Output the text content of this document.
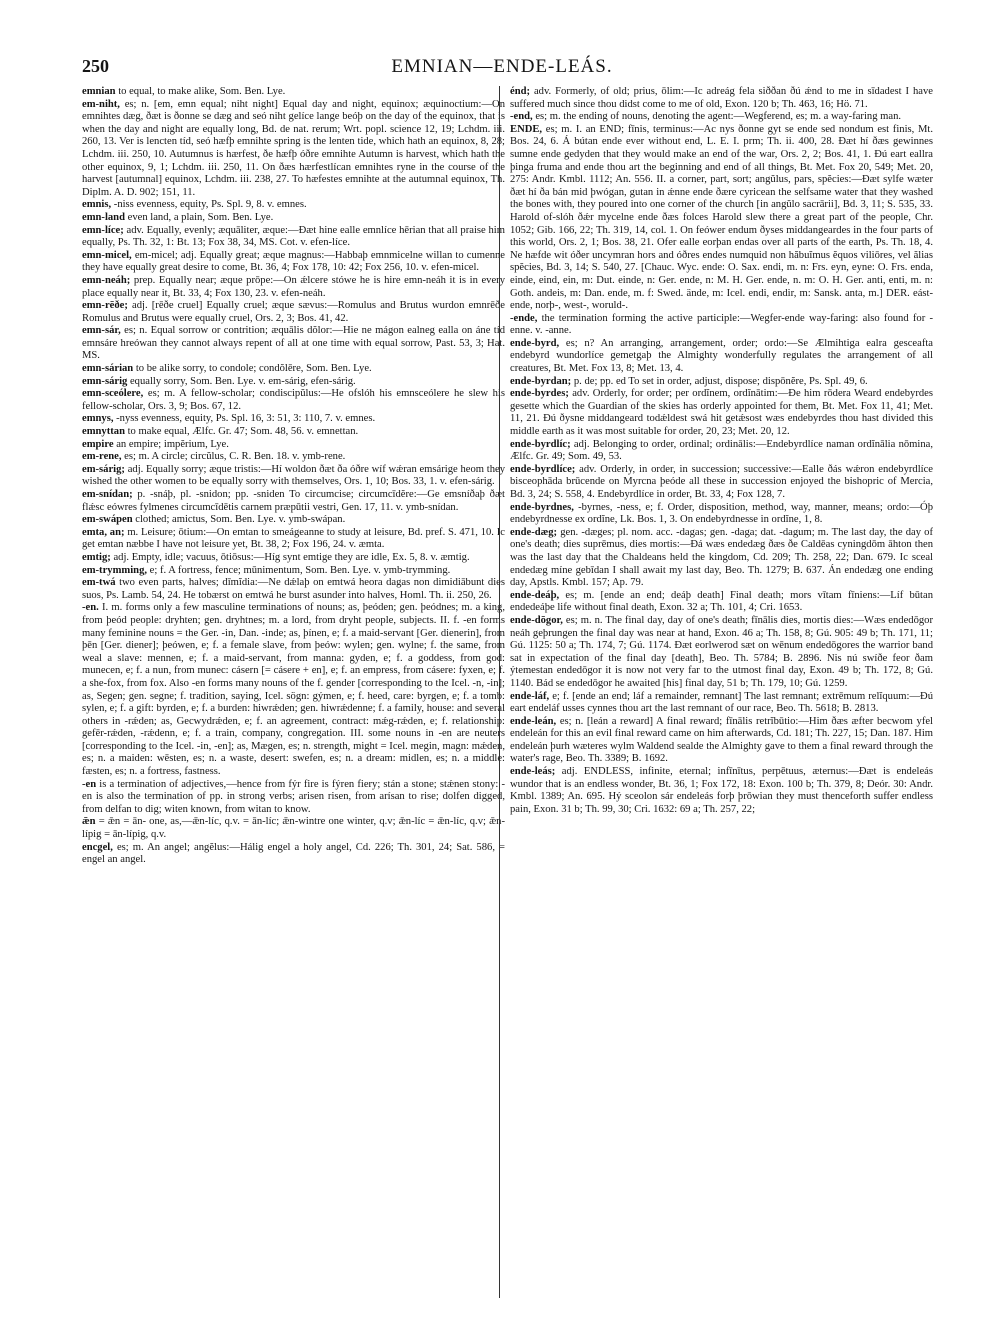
250	EMNIAN—ENDE-LEÁS.

emnian to equal, to make alike, Som. Ben. Lye.

em-niht, es; n. [em, emn equal; niht night] Equal day and night, equinox; æquinoctium:—On emnihtes dæg, ðæt is ðonne se dæg and seó niht gelíce lange beóþ on the day of the equinox, that is when the day and night are equally long, Bd. de nat. rerum; Wrt. popl. science 12, 19; Lchdm. iii. 260, 13. Ver is lencten tíd, seó hæfþ emnihte spring is the lenten tide, which hath an equinox, 8, 28; Lchdm. iii. 250, 10. Autumnus is hærfest, ðe hæfþ óðre emnihte Autumn is harvest, which hath the other equinox, 9, 1; Lchdm. iii. 250, 11. On ðæs hærfestlícan emnihtes ryne in the course of the harvest [autumnal] equinox, Lchdm. iii. 238, 27. To hæfestes emnihte at the autumnal equinox, Th. Diplm. A. D. 902; 151, 11.

emnis, -niss evenness, equity, Ps. Spl. 9, 8. v. emnes.

emn-land even land, a plain, Som. Ben. Lye.

emn-líce; adv. Equally, evenly; æquāliter, æque:—Ðæt hine ealle emnlíce hērian that all praise him equally, Ps. Th. 32, 1: Bt. 13; Fox 38, 34, MS. Cot. v. efen-líce.

emn-micel, em-micel; adj. Equally great; æque magnus:—Habbaþ emnmicelne willan to cumenne they have equally great desire to come, Bt. 36, 4; Fox 178, 10: 42; Fox 256, 10. v. efen-micel.

emn-neáh; prep. Equally near; æque prōpe:—On ǽlcere stówe he is hire emn-neáh it is in every place equally near it, Bt. 33, 4; Fox 130, 23. v. efen-neáh.

emn-rēðe; adj. [rēðe cruel] Equally cruel; æque sævus:—Romulus and Brutus wurdon emnrēðe Romulus and Brutus were equally cruel, Ors. 2, 3; Bos. 41, 42.

emn-sár, es; n. Equal sorrow or contrition; æquālis dŏlor:—Hie ne mágon ealneg ealla on áne tíd emnsáre hreówan they cannot always repent of all at one time with equal sorrow, Past. 53, 3; Hat. MS.

emn-sárian to be alike sorry, to condole; condŏlēre, Som. Ben. Lye.

emn-sárig equally sorry, Som. Ben. Lye. v. em-sárig, efen-sárig.

emn-sceólere, es; m. A fellow-scholar; condiscipŭlus:—He ofslóh his emnsceólere he slew his fellow-scholar, Ors. 3, 9; Bos. 67, 12.

emnys, -nyss evenness, equity, Ps. Spl. 16, 3: 51, 3: 110, 7. v. emnes.

emnyttan to make equal, Ælfc. Gr. 47; Som. 48, 56. v. emnettan.

empire an empire; impĕrium, Lye.

em-rene, es; m. A circle; circŭlus, C. R. Ben. 18. v. ymb-rene.

em-sárig; adj. Equally sorry; æque tristis:—Hí woldon ðæt ða óðre wíf wǽran emsárige heom they wished the other women to be equally sorry with themselves, Ors. 1, 10; Bos. 33, 1. v. efen-sárig.

em-snídan; p. -snáþ, pl. -snidon; pp. -sniden To circumcise; circumcīdĕre:—Ge emsníðaþ ðæt flǽsc eówres fylmenes circumcīdētis carnem præpūtii vestri, Gen. 17, 11. v. ymb-snídan.

em-swápen clothed; amictus, Som. Ben. Lye. v. ymb-swápan.

emta, an; m. Leisure; ōtium:—On emtan to smeágeanne to study at leisure, Bd. pref. S. 471, 10. Ic get emtan næbbe I have not leisure yet, Bt. 38, 2; Fox 196, 24. v. æmta.

emtig; adj. Empty, idle; vacuus, ōtiōsus:—Híg synt emtige they are idle, Ex. 5, 8. v. æmtig.

em-trymming, e; f. A fortress, fence; mūnimentum, Som. Ben. Lye. v. ymb-trymming.

em-twá two even parts, halves; dīmĭdia:—Ne dǽlaþ on emtwá heora dagas non dimidiābunt dies suos, Ps. Lamb. 54, 24. He tobærst on emtwá he burst asunder into halves, Homl. Th. ii. 250, 26.

-en. I. m. forms only a few masculine terminations of nouns; as, þeóden; gen. þeódnes; m. a king, from þeód people: dryhten; gen. dryhtnes; m. a lord, from dryht people, subjects. II. f. -en forms many feminine nouns = the Ger. -in, Dan. -inde; as, þínen, e; f. a maid-servant [Ger. dienerin], from þēn [Ger. diener]; þeówen, e; f. a female slave, from þeów: wylen; gen. wylne; f. the same, from weal a slave: mennen, e; f. a maid-servant, from manna: gyden, e; f. a goddess, from god: munecen, e; f. a nun, from munec: cásern [= cásere + en], e; f. an empress, from cásere: fyxen, e; f. a she-fox, from fox. Also -en forms many nouns of the f. gender [corresponding to the Icel. -n, -in]; as, Segen; gen. segne; f. tradition, saying, Icel. sögn: gýmen, e; f. heed, care: byrgen, e; f. a tomb: sylen, e; f. a gift: byrden, e; f. a burden: hiwrǽden; gen. hiwrǽdenne; f. a family, house: and several others in -rǽden; as, Gecwydrǽden, e; f. an agreement, contract: mǽg-rǽden, e; f. relationship: gefēr-rǽden, -rǽdenn, e; f. a train, company, congregation. III. some nouns in -en are neuters [corresponding to the Icel. -in, -en]; as, Mægen, es; n. strength, might = Icel. megin, magn: mǽden, es; n. a maiden: wēsten, es; n. a waste, desert: swefen, es; n. a dream: midlen, es; n. a middle: fæsten, es; n. a fortress, fastness.

-en is a termination of adjectives,—hence from fýr fire is fýren fiery; stán a stone; stǽnen stony: -en is also the termination of pp. in strong verbs; arisen risen, from arísan to rise; dolfen digged, from delfan to dig; witen known, from witan to know.

ǣn = ǣn = ān- one, as,—ǣn-líc, q.v. = ān-líc; ǣn-wintre one winter, q.v; ǣn-líc = ǣn-líc, q.v; ǣn-lípig = ān-lípig, q.v.

encgel, es; m. An angel; angĕlus:—Hálig engel a holy angel, Cd. 226; Th. 301, 24; Sat. 586, = engel an angel.

énd; adv. Formerly, of old; prius, ōlim:—Ic adreág fela siððan ðú ǽnd to me in sīdadest I have suffered much since thou didst come to me of old, Exon. 120 b; Th. 463, 16; Hö. 71.

-end, es; m. the ending of nouns, denoting the agent:—Wegferend, es; m. a way-faring man.

ENDE, es; m. I. an END; fīnis, terminus:—Ac nys ðonne gyt se ende sed nondum est finis, Mt. Bos. 24, 6. Á bútan ende ever without end, L. E. I. prm; Th. ii. 400, 28. Ðæt hí ðæs gewinnes sumne ende gedyden that they would make an end of the war, Ors. 2, 2; Bos. 41, 1. Ðú eart eallra þinga fruma and ende thou art the beginning and end of all things, Bt. Met. Fox 20, 549; Met. 20, 275: Andr. Kmbl. 1112; An. 556. II. a corner, part, sort; angŭlus, pars, spĕcies:—Ðæt sylfe wæter ðæt hí ða bán mid þwógan, gutan in ǽnne ende ðære cyricean the selfsame water that they washed the bones with, they poured into one corner of the church [in angŭlo sacrārii], Bd. 3, 11; S. 535, 33. Harold of-slóh ðǽr mycelne ende ðæs folces Harold slew there a great part of the people, Chr. 1052; Gib. 166, 22; Th. 319, 14, col. 1. On feówer endum ðyses middangeardes in the four parts of this world, Ors. 2, 1; Bos. 38, 21. Ofer ealle eorþan endas over all parts of the earth, Ps. Th. 18, 4. Ne hæfde wit óðer uncymran hors and óðres endes numquid non hăbuĭmus ĕquos viliōres, vel ălias spĕcies, Bd. 3, 14; S. 540, 27. [Chauc. Wyc. ende: O. Sax. endi, m. n: Frs. eyn, eyne: O. Frs. enda, einde, eind, ein, m: Dut. einde, n: Ger. ende, n: M. H. Ger. ende, n. m: O. H. Ger. anti, enti, m. n: Goth. andeis, m: Dan. ende, m. f: Swed. ände, m: Icel. endi, endir, m: Sansk. anta, m.] DER. eást-ende, norþ-, west-, woruld-.

-ende, the termination forming the active participle:—Wegfer-ende way-faring: also found for -enne. v. -anne.

ende-byrd, es; n? An arranging, arrangement, order; ordo:—Se Ælmihtiga ealra gesceafta endebyrd wundorlíce gemetgaþ the Almighty wonderfully regulates the arrangement of all creatures, Bt. Met. Fox 13, 8; Met. 13, 4.

ende-byrdan; p. de; pp. ed To set in order, adjust, dispose; dispōnĕre, Ps. Spl. 49, 6.

ende-byrdes; adv. Orderly, for order; per ordĭnem, ordĭnātim:—Ðe him rōdera Weard endebyrdes gesette which the Guardian of the skies has orderly appointed for them, Bt. Met. Fox 11, 41; Met. 11, 21. Ðú ðysne middangeard todǽldest swá hit getǽsost wæs endebyrdes thou hast divided this middle earth as it was most suitable for order, 20, 23; Met. 20, 12.

ende-byrdlíc; adj. Belonging to order, ordinal; ordinālis:—Endebyrdlíce naman ordĭnālia nōmina, Ælfc. Gr. 49; Som. 49, 53.

ende-byrdlíce; adv. Orderly, in order, in succession; successive:—Ealle ðás wǽron endebyrdlíce bisceophāda brūcende on Myrcna þeóde all these in succession enjoyed the bishopric of Mercia, Bd. 3, 24; S. 558, 4. Endebyrdlíce in order, Bt. 33, 4; Fox 128, 7.

ende-byrdnes, -byrnes, -ness, e; f. Order, disposition, method, way, manner, means; ordo:—Óþ endebyrdnesse ex ordĭne, Lk. Bos. 1, 3. On endebyrdnesse in ordĭne, 1, 8.

ende-dæg; gen. -dæges; pl. nom. acc. -dagas; gen. -daga; dat. -dagum; m. The last day, the day of one's death; dies suprēmus, dies mortis:—Ðá wæs endedæg ðæs ðe Caldēas cyningdōm āhton then was the last day that the Chaldeans held the kingdom, Cd. 209; Th. 258, 22; Dan. 679. Ic sceal endedæg míne gebīdan I shall await my last day, Beo. Th. 1279; B. 637. Án endedæg one ending day, Apstls. Kmbl. 157; Ap. 79.

ende-deáþ, es; m. [ende an end; deáþ death] Final death; mors vītam fīniens:—Líf būtan endedeáþe life without final death, Exon. 32 a; Th. 101, 4; Cri. 1653.

ende-dōgor, es; m. n. The final day, day of one's death; fīnālis dies, mortis dies:—Wæs endedōgor neáh geþrungen the final day was near at hand, Exon. 46 a; Th. 158, 8; Gú. 905: 49 b; Th. 171, 11; Gú. 1125: 50 a; Th. 174, 7; Gú. 1174. Ðæt eorlwerod sæt on wēnum endedōgores the warrior band sat in expectation of the final day [death], Beo. Th. 5784; B. 2896. Nis nú swíðe feor ðam ýtemestan endedōgor it is now not very far to the utmost final day, Exon. 49 b; Th. 172, 8; Gú. 1140. Bád se endedōgor he awaited [his] final day, 51 b; Th. 179, 10; Gú. 1259.

ende-láf, e; f. [ende an end; láf a remainder, remnant] The last remnant; extrēmum relĭquum:—Ðú eart endeláf usses cynnes thou art the last remnant of our race, Beo. Th. 5618; B. 2813.

ende-leán, es; n. [leán a reward] A final reward; fīnālis retrĭbūtio:—Him ðæs æfter becwom yfel endeleán for this an evil final reward came on him afterwards, Cd. 181; Th. 227, 15; Dan. 187. Him endeleán þurh wæteres wylm Waldend sealde the Almighty gave to them a final reward through the water's rage, Beo. Th. 3389; B. 1692.

ende-leás; adj. ENDLESS, infinite, eternal; infīnītus, perpētuus, æternus:—Ðæt is endeleás wundor that is an endless wonder, Bt. 36, 1; Fox 172, 18: Exon. 100 b; Th. 379, 8; Deór. 30: Andr. Kmbl. 1389; An. 695. Hý sceolon sár endeleás forþ þrōwian they must thenceforth suffer endless pain, Exon. 31 b; Th. 99, 30; Cri. 1632: 69 a; Th. 257, 22;
